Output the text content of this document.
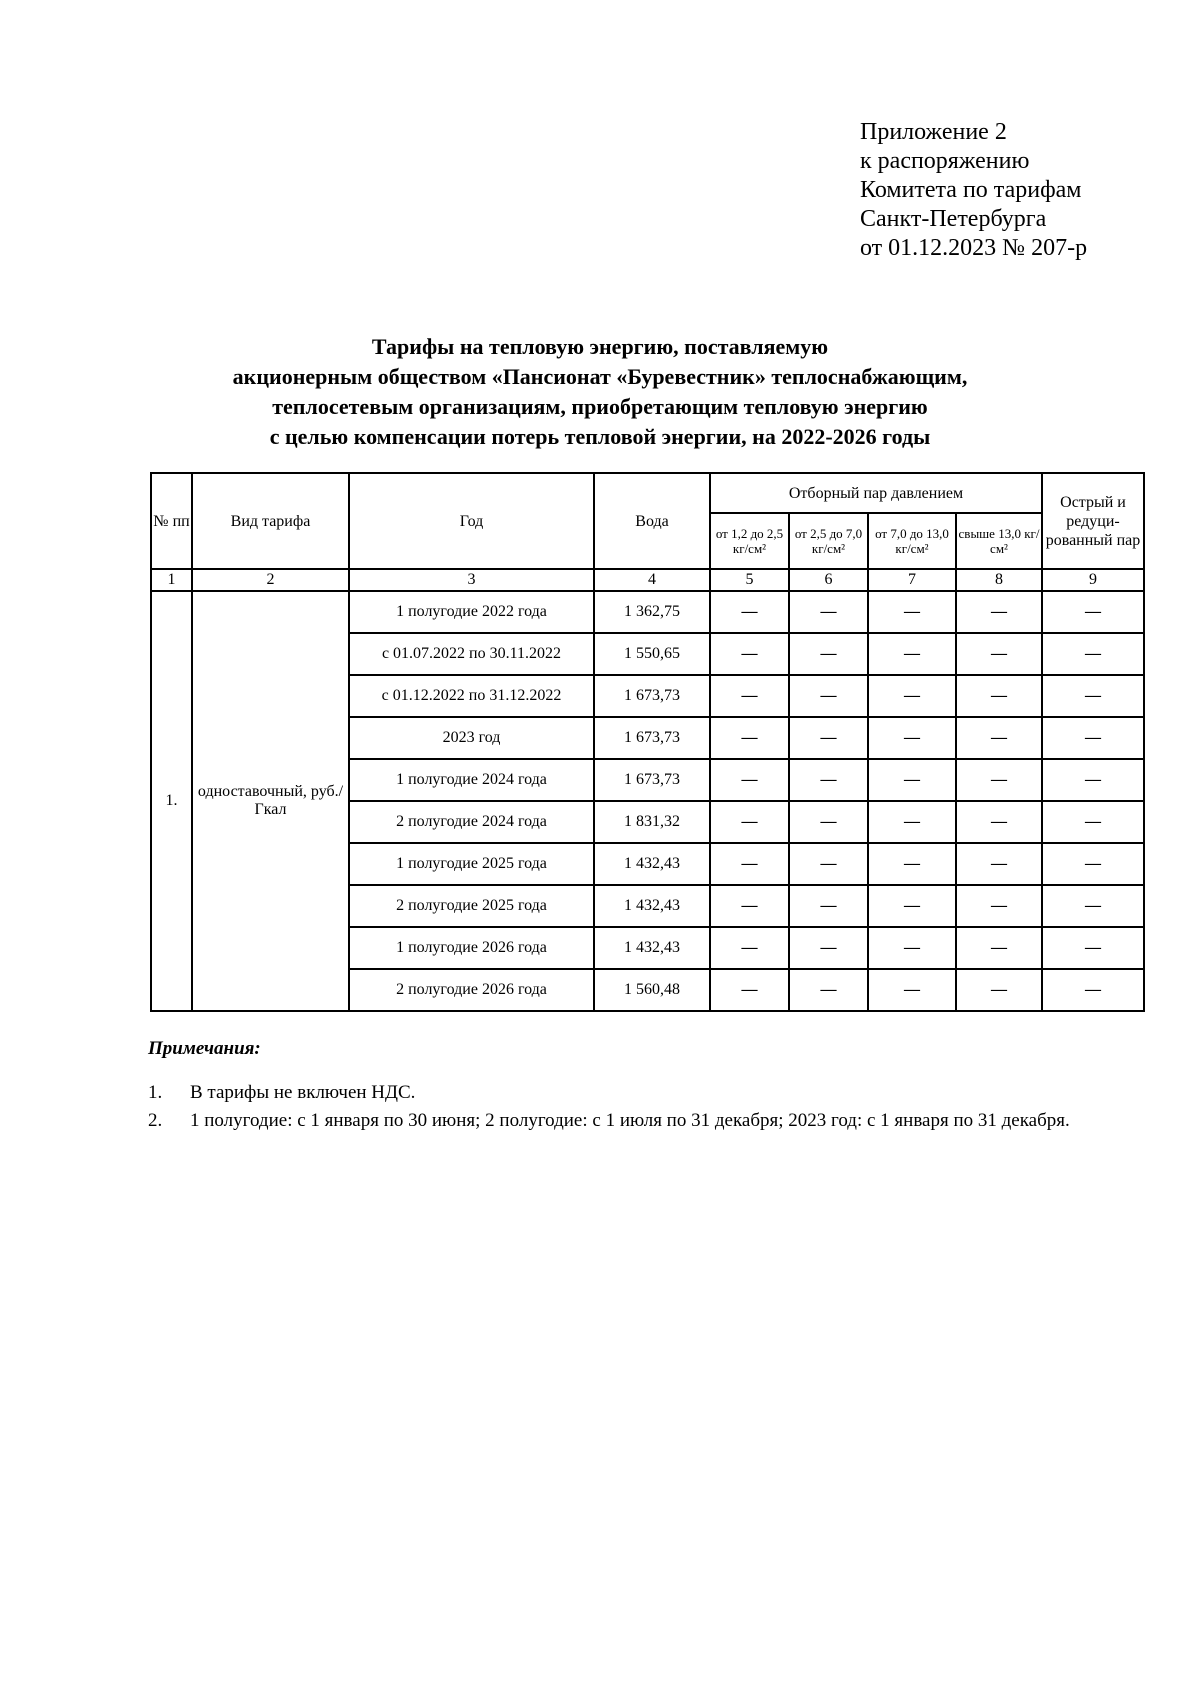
Приложение 2
к распоряжению
Комитета по тарифам
Санкт-Петербурга
от 01.12.2023 № 207-р
Тарифы на тепловую энергию, поставляемую
акционерным обществом «Пансионат «Буревестник» теплоснабжающим,
теплосетевым организациям, приобретающим тепловую энергию
с целью компенсации потерь тепловой энергии, на 2022-2026 годы
№ пп	Вид тарифа	Год	Вода	Отборный пар давлением				Острый и редуци-рованный пар
				от 1,2 до 2,5 кг/см²	от 2,5 до 7,0 кг/см²	от 7,0 до 13,0 кг/см²	свыше 13,0 кг/см²	
1	2	3	4	5	6	7	8	9
1.	одноставочный, руб./Гкал	1 полугодие 2022 года	1 362,75	—	—	—	—	—
		с 01.07.2022 по 30.11.2022	1 550,65	—	—	—	—	—
		с 01.12.2022 по 31.12.2022	1 673,73	—	—	—	—	—
		2023 год	1 673,73	—	—	—	—	—
		1 полугодие 2024 года	1 673,73	—	—	—	—	—
		2 полугодие 2024 года	1 831,32	—	—	—	—	—
		1 полугодие 2025 года	1 432,43	—	—	—	—	—
		2 полугодие 2025 года	1 432,43	—	—	—	—	—
		1 полугодие 2026 года	1 432,43	—	—	—	—	—
		2 полугодие 2026 года	1 560,48	—	—	—	—	—
Примечания:
1. В тарифы не включен НДС.
2. 1 полугодие: с 1 января по 30 июня; 2 полугодие: с 1 июля по 31 декабря; 2023 год: с 1 января по 31 декабря.
